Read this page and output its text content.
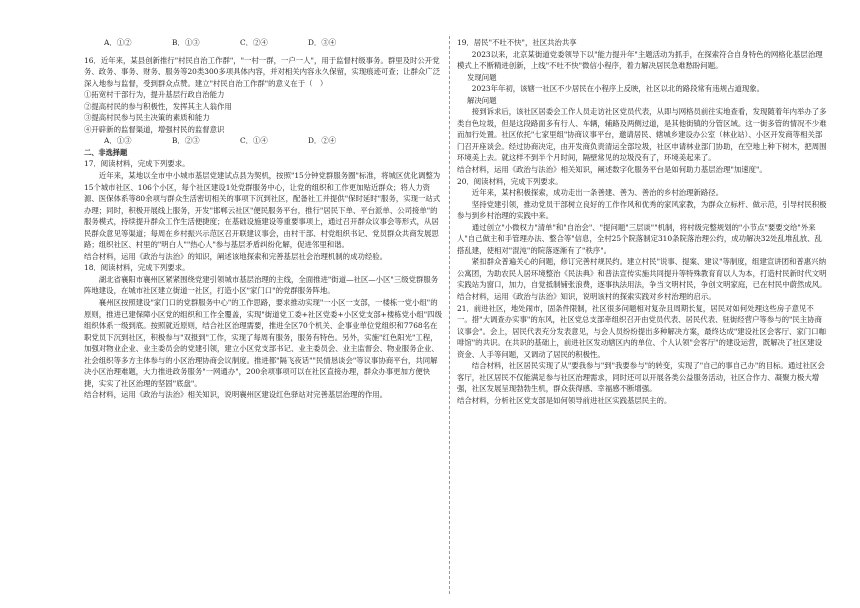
A．①②	B．①③	C．②④	D．③④

16．近年来，某县创新推行"村民自治工作群"，"一村一群，一户一人"，用于监督村级事务。群里及时公开党务、政务、事务、财务、服务等20类300多项具体内容，并对相关内容永久保留，实现痕迹可查；让群众广泛深入地参与监督，受到群众点赞。建立"村民自治工作群"的意义在于（　）

①拓宽村干部行为，提升基层行政自治能力

②提高村民的参与积极性，发挥其主人翁作用

③提高村民参与民主决策的素质和能力

④开辟新的监督渠道，增强村民的监督意识

A．①③	B．②③	C．①④	D．②④

二、非选择题

17．阅读材料，完成下列要求。

近年来，某地以全市中小城市基层党建试点县为契机，按照"15分钟党群服务圈"标准，将城区优化调整为15个城市社区、106个小区，每个社区建设1处党群服务中心，让党的组织和工作更加贴近群众；将人力资源、医保体系等80余项与群众生活密切相关的事项下沉到社区，配备社工并提供"保时延时"服务，实现一站式办理；同时，积极开展线上服务，开发"邯郸云社区"便民服务平台，推行"居民下单、平台派单、公司接单"的服务模式，持续提升群众工作生活便捷度；在基础设施建设等重要事项上，通过召开群众议事会等形式，从居民群众意见等渠道；每周在乡村振兴示范区召开联建议事会，由村干部、村党组织书记、党员群众共商发展思路；组织社区、村里的"明白人""热心人"参与基层矛盾纠纷化解，促进邻里和谐。

结合材料，运用《政治与法治》的知识，阐述该地探索和完善基层社会治理机制的成功经验。

18．阅读材料，完成下列要求。

湖北省襄阳市襄州区紧紧围绕党建引领城市基层治理的主线，全面推进"街道—社区—小区"三级党群服务阵地建设，在城市社区建立街道一社区，打造小区"家门口"的党群服务阵地。

襄州区按照建设"家门口的党群服务中心"的工作思路，要求推动实现"一小区一支部，一楼栋一党小组"的原则，推进已建保障小区党的组织和工作全覆盖，实现"街道党工委+社区党委+小区党支部+楼栋党小组"四级组织体系一级到底。按照就近原则，结合社区治理需要，推进全区70个机关、企事业单位党组织和7768名在职党员下沉到社区，积极参与"双报到"工作，实现了每周有服务，服务有特色。另外，实施"红色阳光"工程，加强对物业企业、业主委员会的党建引领，建立小区党支部书记、业主委员会、业主监督会、物业服务企业、社会组织等多方主体参与的小区治理协商会议制度。推进都"隔飞夜话""民情恳谈会"等议事协商平台，共同解决小区治理难题，大力推进政务服务"一网通办"，200余项事项可以在社区直接办理，群众办事更加方便快捷，实实了社区治理的坚固"底盘"。

结合材料，运用《政治与法治》相关知识，说明襄州区建设红色驿站对完善基层治理的作用。

19．居民"不吐不快"，社区共治共享

2023以来，北京某街道党委领导下以"能力提升年"主题活动为抓手，在探索符合自身特色的网格化基层治理模式上不断精进创新，上线"不吐不快"微信小程序，着力解决居民急难愁盼问题。

发现问题

2023年年初，该辖一社区不少居民在小程序上反映，社区以北的路段常有违规占道现象。

解决问题

接到诉求后，该社区居委会工作人员走访社区党员代表，从即与网格员前往实地查看，发现随着年内举办了多类自色垃圾，但是这段路面多有行人、车辆，辅路及两侧过道，是其他街镇的分管区域。这一街多管的情况不少难而加行处置。社区依托"七家里组"协商议事平台，邀请居民、辖城乡建设办公室（林业站）、小区开发商等相关部门召开座谈会。经过协商决定，由开发商负责清运全部垃圾，社区申请林业部门协助，在空地上种下树木，把周围环境美上去。就这样不到半个月时间，隔壁常见的垃圾没有了，环境美起来了。

结合材料，运用《政治与法治》相关知识，阐述数字化服务平台是如何助力基层治理"加速度"。

20．阅读材料，完成下列要求。

近年来，某村积极探索，成功走出一条善建、善为、善治的乡村治理新路径。

坚持党建引领，推动党员干部树立良好的工作作风和优秀的家风家教，为群众立标杆、做示范，引导村民积极参与到乡村治理的实践中来。

通过创立"小微权力"清单"和"自治会"、"提问题"三层谈""机制，将村级完整规划的"小节点"要要交给"外来人"自己做主和手管理办法、整合等"信息，全村25个院落制定310条院落治理公约，成功解决32处乱堆乱放、乱搭乱建，使相对"混沌"的院落逐渐有了"秩序"。

紧扣群众普遍关心的问题，修订完善村规民约。建立村民"说事、提案、建议"等制度，组建宣讲团和普惠兴纳公寓团，为助农民人居环境整治《民法典》和普法宣传实施共同提升等特殊教育育以人为本，打造村民新时代文明实践站为窗口，加力，自觉抵制铺张浪费，逐事执法用法，争当文明村民，争创文明家庭，已在村民中蔚然成风。

结合材料，运用《政治与法治》知识，说明该村的探索实践对乡村治理的启示。

21．前进社区，地处闹市，固条件限制，社区很多问题相对复杂且周期长复，居民对如何处理这些房子意见不一。措"大调查办实事"的东风，社区党总支部牵组织召开由党员代表、居民代表、驻街经营户等参与的"民主协商议事会"。会上，居民代表充分发表意见，与会人员纷纷提出多种解决方案，最终达成"建设社区会客厅、家门口咖啡馆"的共识。在共识的基础上，前进社区发动辖区内的单位、个人认领"会客厅"的建设运营，既解决了社区建设资金、人手等问题，又调动了居民的积极性。

结合材料，社区居民实现了从"要我参与"到"我要参与"的转变，实现了"自己的事自己办"的目标。通过社区会客厅，社区居民不仅能满足参与社区治理需求，同时还可以开展各类公益服务活动，社区合作力、凝聚力极大增强，社区发展呈现勃勃生机，群众获得感、幸福感不断增强。

结合材料，分析社区党支部是如何领导前进社区实践基层民主的。
